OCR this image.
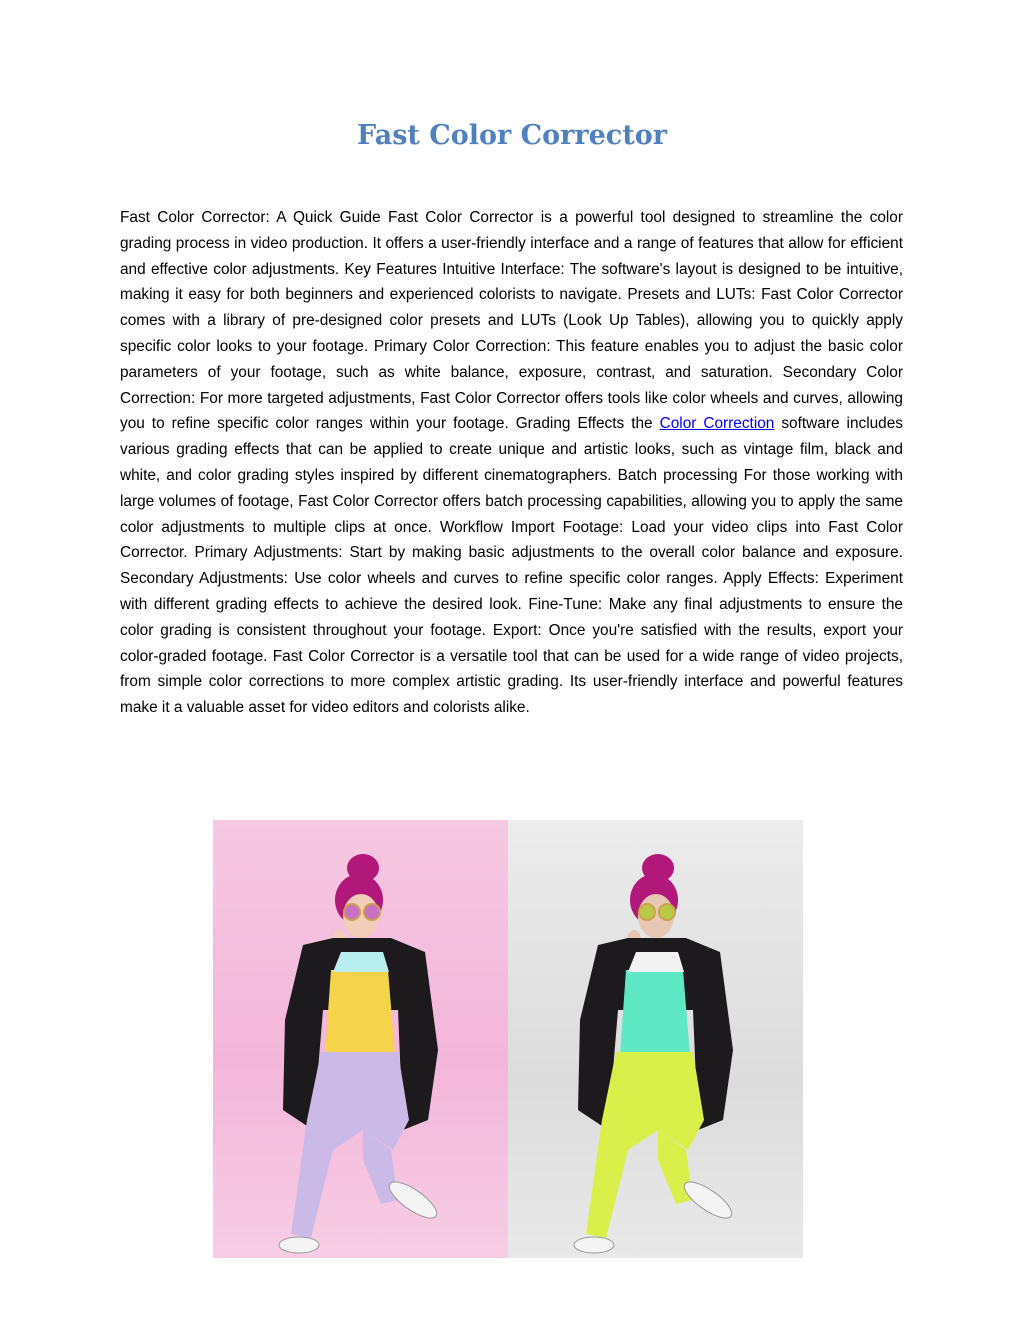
Fast Color Corrector

Fast Color Corrector: A Quick Guide Fast Color Corrector is a powerful tool designed to streamline the color grading process in video production. It offers a user-friendly interface and a range of features that allow for efficient and effective color adjustments. Key Features Intuitive Interface: The software's layout is designed to be intuitive, making it easy for both beginners and experienced colorists to navigate. Presets and LUTs: Fast Color Corrector comes with a library of pre-designed color presets and LUTs (Look Up Tables), allowing you to quickly apply specific color looks to your footage. Primary Color Correction: This feature enables you to adjust the basic color parameters of your footage, such as white balance, exposure, contrast, and saturation. Secondary Color Correction: For more targeted adjustments, Fast Color Corrector offers tools like color wheels and curves, allowing you to refine specific color ranges within your footage. Grading Effects the Color Correction software includes various grading effects that can be applied to create unique and artistic looks, such as vintage film, black and white, and color grading styles inspired by different cinematographers. Batch processing For those working with large volumes of footage, Fast Color Corrector offers batch processing capabilities, allowing you to apply the same color adjustments to multiple clips at once. Workflow Import Footage: Load your video clips into Fast Color Corrector. Primary Adjustments: Start by making basic adjustments to the overall color balance and exposure. Secondary Adjustments: Use color wheels and curves to refine specific color ranges. Apply Effects: Experiment with different grading effects to achieve the desired look. Fine-Tune: Make any final adjustments to ensure the color grading is consistent throughout your footage. Export: Once you're satisfied with the results, export your color-graded footage. Fast Color Corrector is a versatile tool that can be used for a wide range of video projects, from simple color corrections to more complex artistic grading. Its user-friendly interface and powerful features make it a valuable asset for video editors and colorists alike.
